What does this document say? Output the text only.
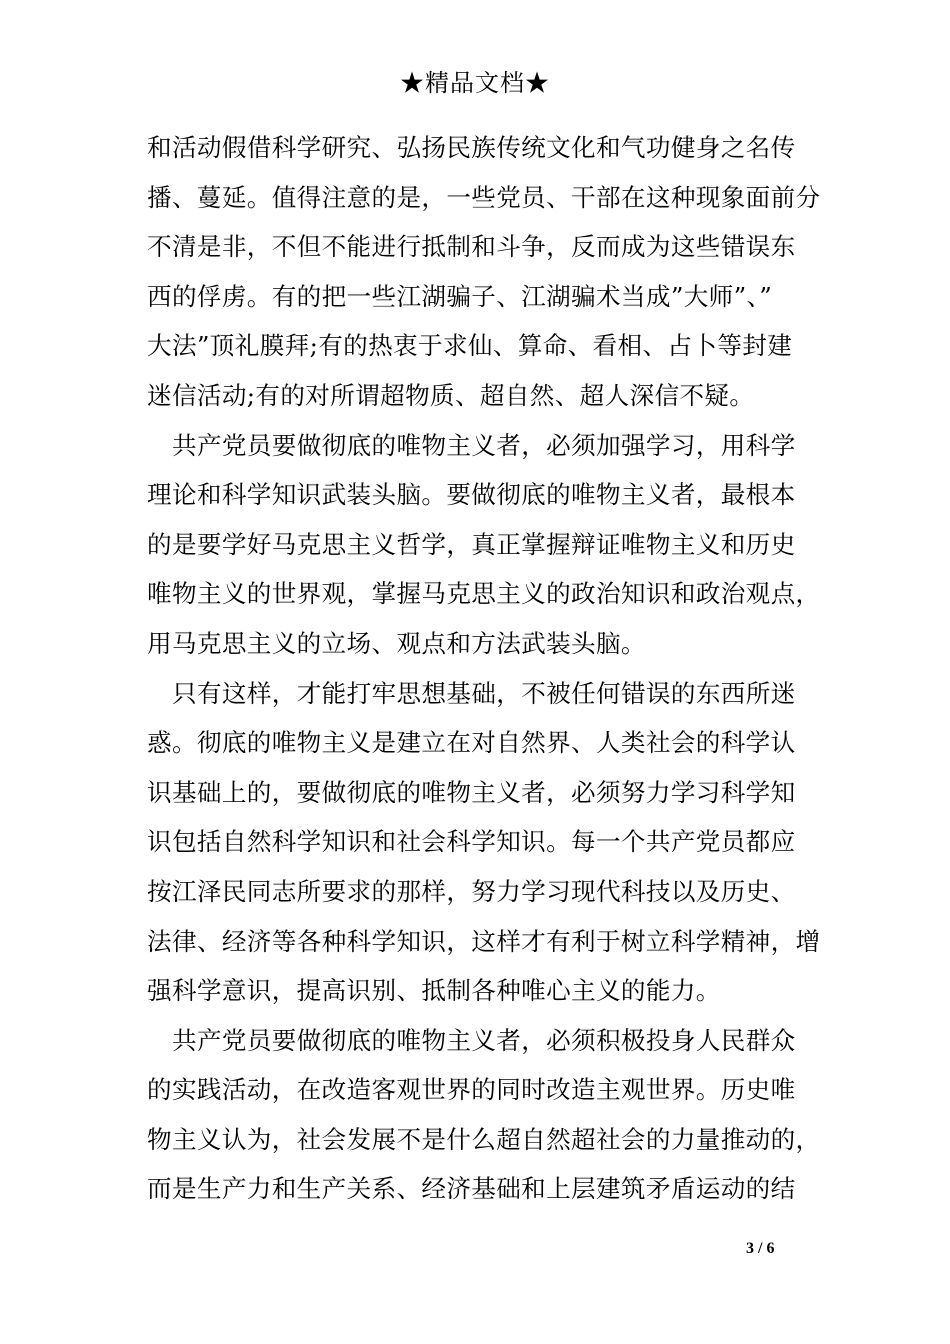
★精品文档★
和活动假借科学研究、弘扬民族传统文化和气功健身之名传
播、蔓延。值得注意的是，一些党员、干部在这种现象面前分
不清是非，不但不能进行抵制和斗争，反而成为这些错误东
西的俘虏。有的把一些江湖骗子、江湖骗术当成”大师”、”
大法”顶礼膜拜;有的热衷于求仙、算命、看相、占卜等封建
迷信活动;有的对所谓超物质、超自然、超人深信不疑。
共产党员要做彻底的唯物主义者，必须加强学习，用科学
理论和科学知识武装头脑。要做彻底的唯物主义者，最根本
的是要学好马克思主义哲学，真正掌握辩证唯物主义和历史
唯物主义的世界观，掌握马克思主义的政治知识和政治观点，
用马克思主义的立场、观点和方法武装头脑。
只有这样，才能打牢思想基础，不被任何错误的东西所迷
惑。彻底的唯物主义是建立在对自然界、人类社会的科学认
识基础上的，要做彻底的唯物主义者，必须努力学习科学知
识包括自然科学知识和社会科学知识。每一个共产党员都应
按江泽民同志所要求的那样，努力学习现代科技以及历史、
法律、经济等各种科学知识，这样才有利于树立科学精神，增
强科学意识，提高识别、抵制各种唯心主义的能力。
共产党员要做彻底的唯物主义者，必须积极投身人民群众
的实践活动，在改造客观世界的同时改造主观世界。历史唯
物主义认为，社会发展不是什么超自然超社会的力量推动的，
而是生产力和生产关系、经济基础和上层建筑矛盾运动的结
3 / 6
